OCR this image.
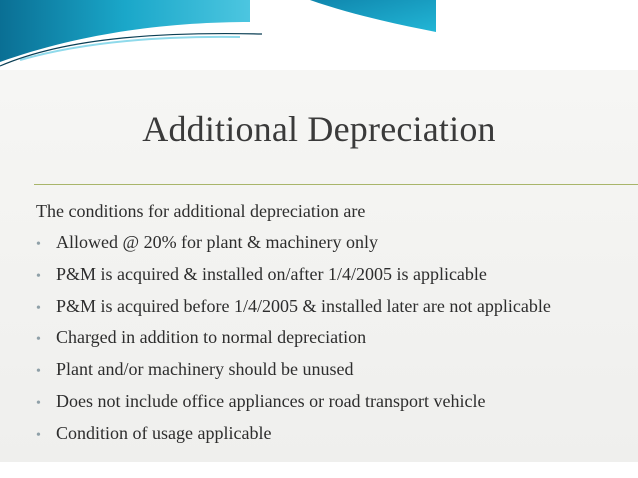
Additional Depreciation
The conditions for additional depreciation are
• Allowed @ 20% for plant & machinery only
• P&M is acquired & installed on/after 1/4/2005 is applicable
• P&M is acquired before 1/4/2005 & installed later are not applicable
• Charged in addition to normal depreciation
• Plant and/or machinery should be unused
• Does not include office appliances or road transport vehicle
• Condition of usage applicable
